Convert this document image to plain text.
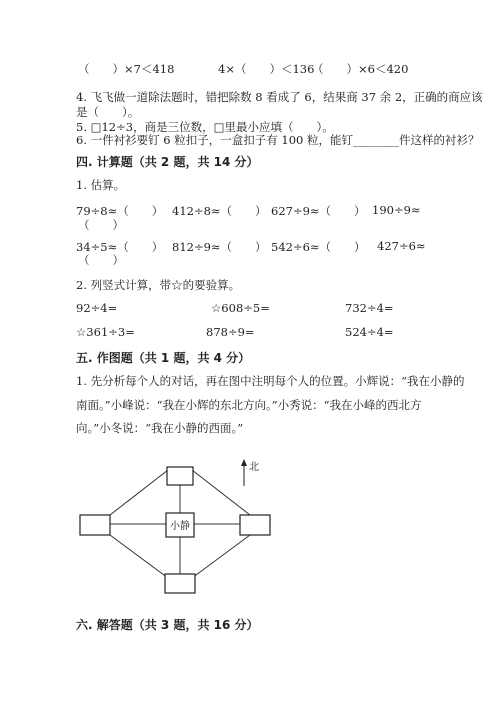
（　　）×7＜418	4×（　　）＜136
（　　）×6＜420
4. 飞飞做一道除法题时，错把除数 8 看成了 6，结果商 37 余 2，正确的商应该
是（　　）。
5. □12÷3，商是三位数，□里最小应填（　　）。
6. 一件衬衫要钉 6 粒扣子，一盒扣子有 100 粒，能钉________件这样的衬衫？
四. 计算题（共 2 题，共 14 分）
1. 估算。
79÷8≈（　　） 412÷8≈（　　） 627÷9≈（　　） 190÷9≈
（　　）
34÷5≈（　　） 812÷9≈（　　） 542÷6≈（　　） 427÷6≈
（　　）
2. 列竖式计算，带☆的要验算。
92÷4=	☆608÷5=	732÷4=
☆361÷3=	878÷9=	524÷4=
五. 作图题（共 1 题，共 4 分）
1. 先分析每个人的对话，再在图中注明每个人的位置。小辉说：“我在小静的
南面。”小峰说：“我在小辉的东北方向。”小秀说：“我在小峰的西北方
向。”小冬说：“我在小静的西面。”
小静
北
六. 解答题（共 3 题，共 16 分）
